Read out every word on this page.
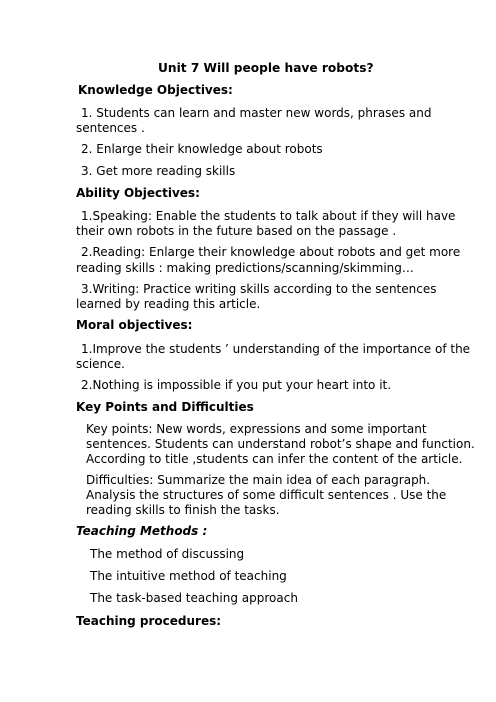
Unit 7 Will people have robots?
Knowledge Objectives:
1. Students can learn and master new words, phrases and
sentences .
2. Enlarge their knowledge about robots
3. Get more reading skills
Ability Objectives:
1.Speaking: Enable the students to talk about if they will have
their own robots in the future based on the passage .
2.Reading: Enlarge their knowledge about robots and get more
reading skills : making predictions/scanning/skimming…
3.Writing: Practice writing skills according to the sentences
learned by reading this article.
Moral objectives:
1.Improve the students ’ understanding of the importance of the
science.
2.Nothing is impossible if you put your heart into it.
Key Points and Difficulties
Key points: New words, expressions and some important
sentences. Students can understand robot’s shape and function.
According to title ,students can infer the content of the article.
Difficulties: Summarize the main idea of each paragraph.
Analysis the structures of some difficult sentences . Use the
reading skills to finish the tasks.
Teaching Methods :
The method of discussing
The intuitive method of teaching
The task-based teaching approach
Teaching procedures:
